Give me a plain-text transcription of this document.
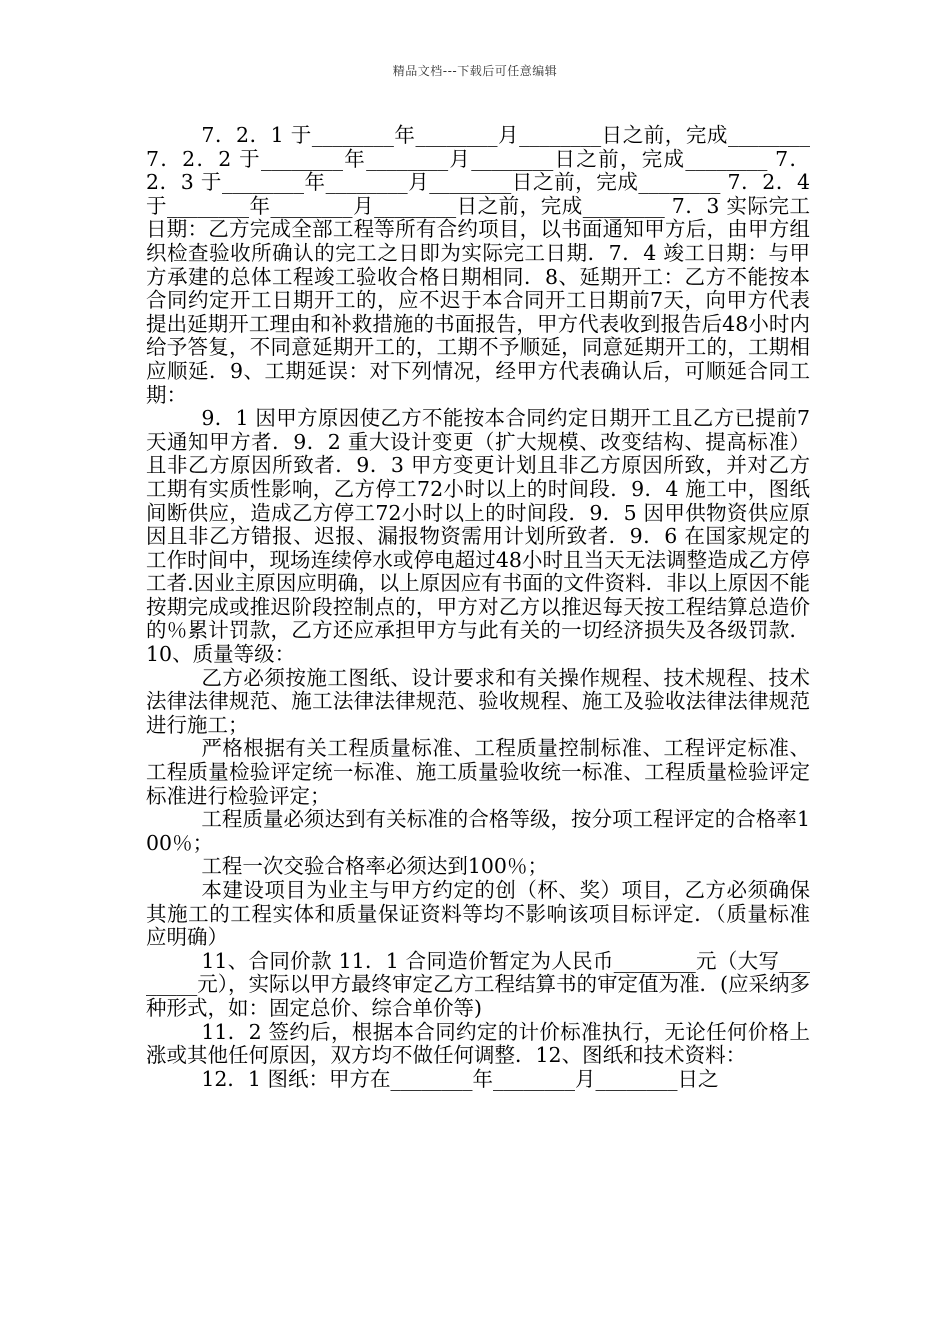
精品文档---下载后可任意编辑

7．2．1 于________年________月________日之前，完成________ 7．2．2 于________年________月________日之前，完成________ 7．2．3 于________年________月________日之前，完成________ 7．2．4 于________年________月________日之前，完成________ 7．3 实际完工日期：乙方完成全部工程等所有合约项目，以书面通知甲方后，由甲方组织检查验收所确认的完工之日即为实际完工日期．7．4 竣工日期：与甲方承建的总体工程竣工验收合格日期相同．8、延期开工：乙方不能按本合同约定开工日期开工的，应不迟于本合同开工日期前7天，向甲方代表提出延期开工理由和补救措施的书面报告，甲方代表收到报告后48小时内给予答复，不同意延期开工的，工期不予顺延，同意延期开工的，工期相应顺延．9、工期延误：对下列情况，经甲方代表确认后，可顺延合同工期：

9．1 因甲方原因使乙方不能按本合同约定日期开工且乙方已提前7天通知甲方者．9．2 重大设计变更（扩大规模、改变结构、提高标准）且非乙方原因所致者．9．3 甲方变更计划且非乙方原因所致，并对乙方工期有实质性影响，乙方停工72小时以上的时间段．9．4 施工中，图纸间断供应，造成乙方停工72小时以上的时间段．9．5 因甲供物资供应原因且非乙方错报、迟报、漏报物资需用计划所致者．9．6 在国家规定的工作时间中，现场连续停水或停电超过48小时且当天无法调整造成乙方停工者.因业主原因应明确，以上原因应有书面的文件资料．非以上原因不能按期完成或推迟阶段控制点的，甲方对乙方以推迟每天按工程结算总造价的％累计罚款，乙方还应承担甲方与此有关的一切经济损失及各级罚款．10、质量等级：

乙方必须按施工图纸、设计要求和有关操作规程、技术规程、技术法律法律规范、施工法律法律规范、验收规程、施工及验收法律法律规范进行施工；

严格根据有关工程质量标准、工程质量控制标准、工程评定标准、工程质量检验评定统一标准、施工质量验收统一标准、工程质量检验评定标准进行检验评定；

工程质量必须达到有关标准的合格等级，按分项工程评定的合格率100％；

工程一次交验合格率必须达到100％；

本建设项目为业主与甲方约定的创（杯、奖）项目，乙方必须确保其施工的工程实体和质量保证资料等均不影响该项目标评定．（质量标准应明确）

11、合同价款 11．1 合同造价暂定为人民币________元（大写________元），实际以甲方最终审定乙方工程结算书的审定值为准．(应采纳多种形式，如：固定总价、综合单价等)

11．2 签约后，根据本合同约定的计价标准执行，无论任何价格上涨或其他任何原因，双方均不做任何调整．12、图纸和技术资料：

12．1 图纸：甲方在________年________月________日之
